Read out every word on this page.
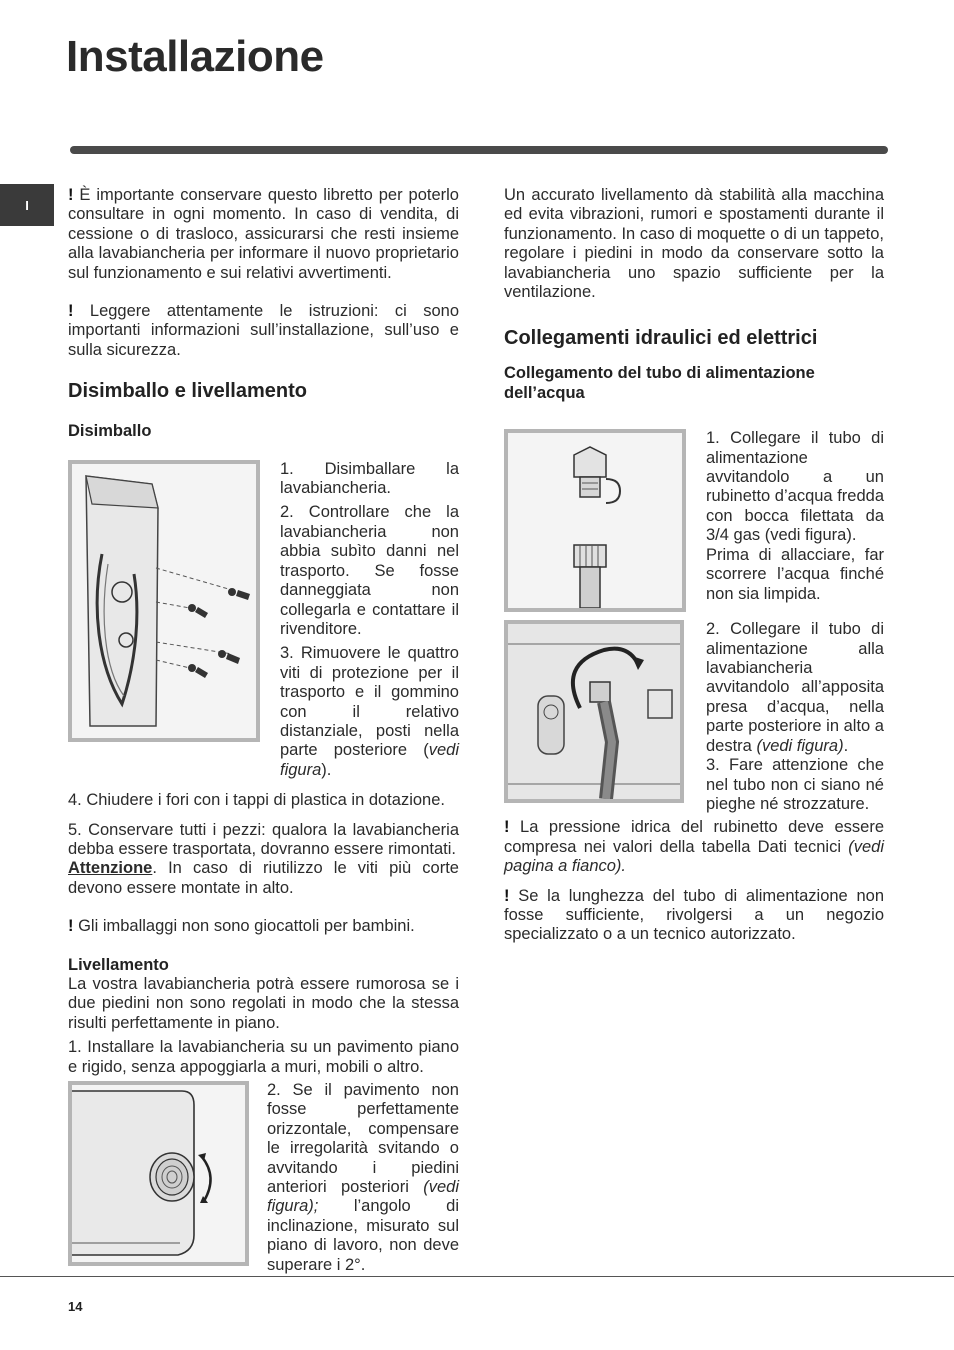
Installazione
I

! È importante conservare questo libretto per poterlo consultare in ogni momento. In caso di vendita, di cessione o di trasloco, assicurarsi che resti insieme alla lavabiancheria per informare il nuovo proprietario sul funzionamento e sui relativi avvertimenti.

! Leggere attentamente le istruzioni: ci sono importanti informazioni sull’installazione, sull’uso e sulla sicurezza.

Disimballo e livellamento
Disimballo

1. Disimballare la lavabiancheria.

2. Controllare che la lavabiancheria non abbia subìto danni nel trasporto. Se fosse danneggiata non collegarla e contattare il rivenditore.

3. Rimuovere le quattro viti di protezione per il trasporto e il gommino con il relativo distanziale, posti nella parte posteriore (vedi figura).

4. Chiudere i fori con i tappi di plastica in dotazione.

5. Conservare tutti i pezzi: qualora la lavabiancheria debba essere trasportata, dovranno essere rimontati.

Attenzione. In caso di riutilizzo le viti più corte devono essere montate in alto.

! Gli imballaggi non sono giocattoli per bambini.

Livellamento

La vostra lavabiancheria potrà essere rumorosa se i due piedini non sono regolati in modo che la stessa risulti perfettamente in piano.

1. Installare la lavabiancheria su un pavimento piano e rigido, senza appoggiarla a muri, mobili o altro.

2. Se il pavimento non fosse perfettamente orizzontale, compensare le irregolarità svitando o avvitando i piedini anteriori posteriori (vedi figura); l’angolo di inclinazione, misurato sul piano di lavoro, non deve superare i 2°.

Un accurato livellamento dà stabilità alla macchina ed evita vibrazioni, rumori e spostamenti durante il funzionamento. In caso di moquette o di un tappeto, regolare i piedini in modo da conservare sotto la lavabiancheria uno spazio sufficiente per la ventilazione.

Collegamenti idraulici ed elettrici
Collegamento del tubo di alimentazione dell’acqua

1. Collegare il tubo di alimentazione avvitandolo a un rubinetto d’acqua fredda con bocca filettata da 3/4 gas (vedi figura).

Prima di allacciare, far scorrere l’acqua finché non sia limpida.

2. Collegare il tubo di alimentazione alla lavabiancheria avvitandolo all’apposita presa d’acqua, nella parte posteriore in alto a destra (vedi figura).

3. Fare attenzione che nel tubo non ci siano né pieghe né strozzature.

! La pressione idrica del rubinetto deve essere compresa nei valori della tabella Dati tecnici (vedi pagina a fianco).

! Se la lunghezza del tubo di alimentazione non fosse sufficiente, rivolgersi a un negozio specializzato o a un tecnico autorizzato.

14
